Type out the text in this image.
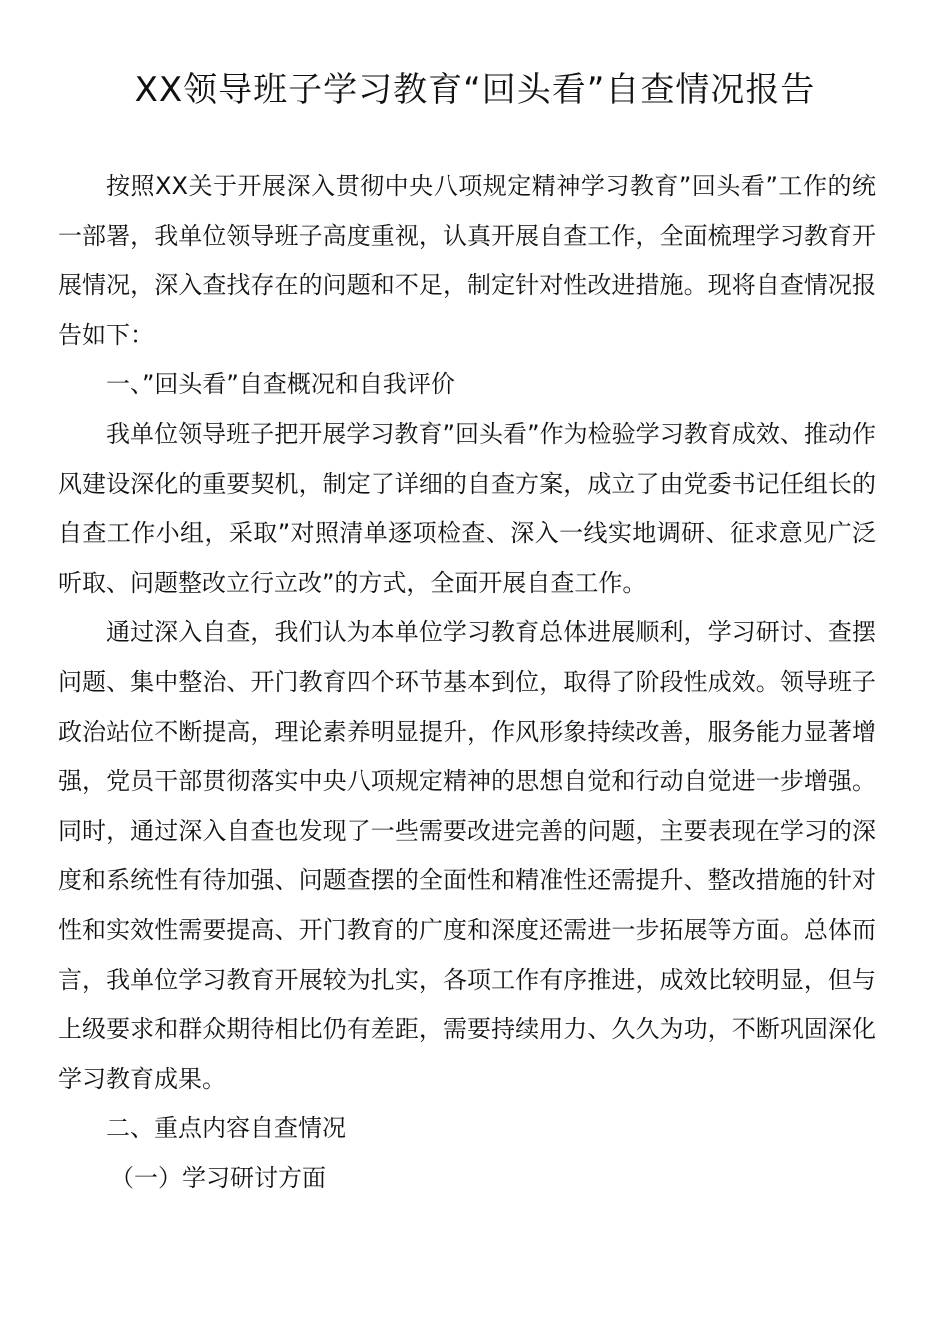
XX领导班子学习教育“回头看”自查情况报告

按照XX关于开展深入贯彻中央八项规定精神学习教育”回头看”工作的统一部署，我单位领导班子高度重视，认真开展自查工作，全面梳理学习教育开展情况，深入查找存在的问题和不足，制定针对性改进措施。现将自查情况报告如下：

一、”回头看”自查概况和自我评价

我单位领导班子把开展学习教育”回头看”作为检验学习教育成效、推动作风建设深化的重要契机，制定了详细的自查方案，成立了由党委书记任组长的自查工作小组，采取”对照清单逐项检查、深入一线实地调研、征求意见广泛听取、问题整改立行立改”的方式，全面开展自查工作。

通过深入自查，我们认为本单位学习教育总体进展顺利，学习研讨、查摆问题、集中整治、开门教育四个环节基本到位，取得了阶段性成效。领导班子政治站位不断提高，理论素养明显提升，作风形象持续改善，服务能力显著增强，党员干部贯彻落实中央八项规定精神的思想自觉和行动自觉进一步增强。同时，通过深入自查也发现了一些需要改进完善的问题，主要表现在学习的深度和系统性有待加强、问题查摆的全面性和精准性还需提升、整改措施的针对性和实效性需要提高、开门教育的广度和深度还需进一步拓展等方面。总体而言，我单位学习教育开展较为扎实，各项工作有序推进，成效比较明显，但与上级要求和群众期待相比仍有差距，需要持续用力、久久为功，不断巩固深化学习教育成果。

二、重点内容自查情况

（一）学习研讨方面
